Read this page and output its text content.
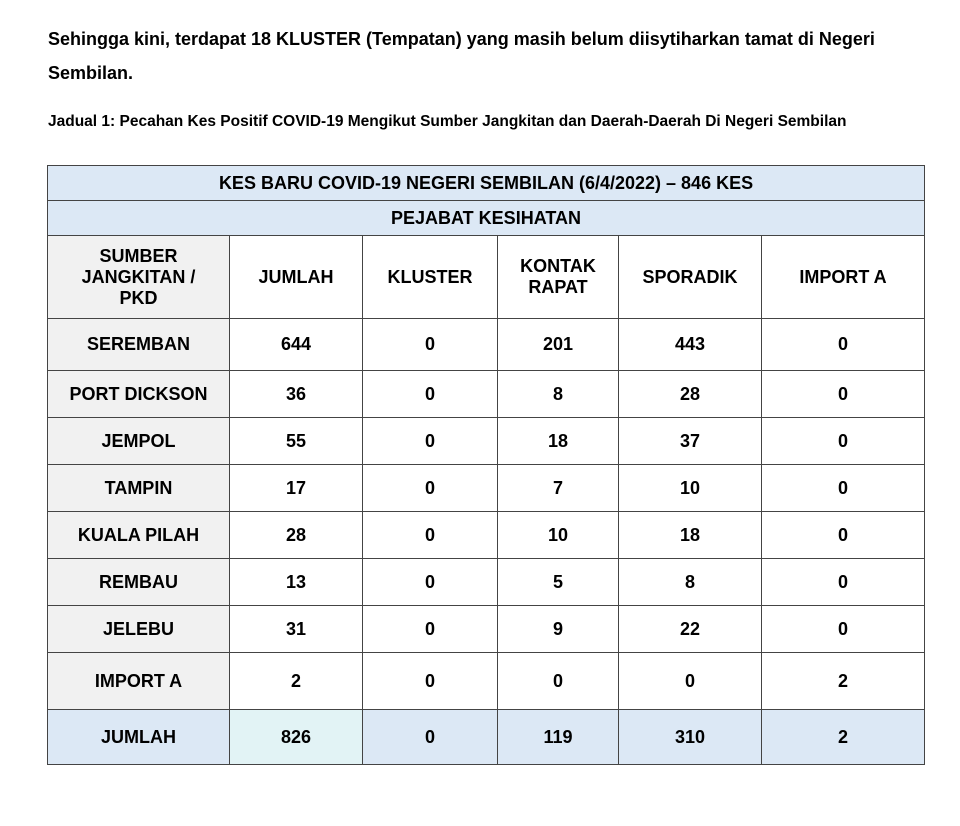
Sehingga kini, terdapat 18 KLUSTER (Tempatan) yang masih belum diisytiharkan tamat di Negeri Sembilan.

Jadual 1: Pecahan Kes Positif COVID-19 Mengikut Sumber Jangkitan dan Daerah-Daerah Di Negeri Sembilan

KES BARU COVID-19 NEGERI SEMBILAN (6/4/2022) – 846 KES					
PEJABAT KESIHATAN					
SUMBER JANGKITAN / PKD	JUMLAH	KLUSTER	KONTAK RAPAT	SPORADIK	IMPORT A
SEREMBAN	644	0	201	443	0
PORT DICKSON	36	0	8	28	0
JEMPOL	55	0	18	37	0
TAMPIN	17	0	7	10	0
KUALA PILAH	28	0	10	18	0
REMBAU	13	0	5	8	0
JELEBU	31	0	9	22	0
IMPORT A	2	0	0	0	2
JUMLAH	826	0	119	310	2
